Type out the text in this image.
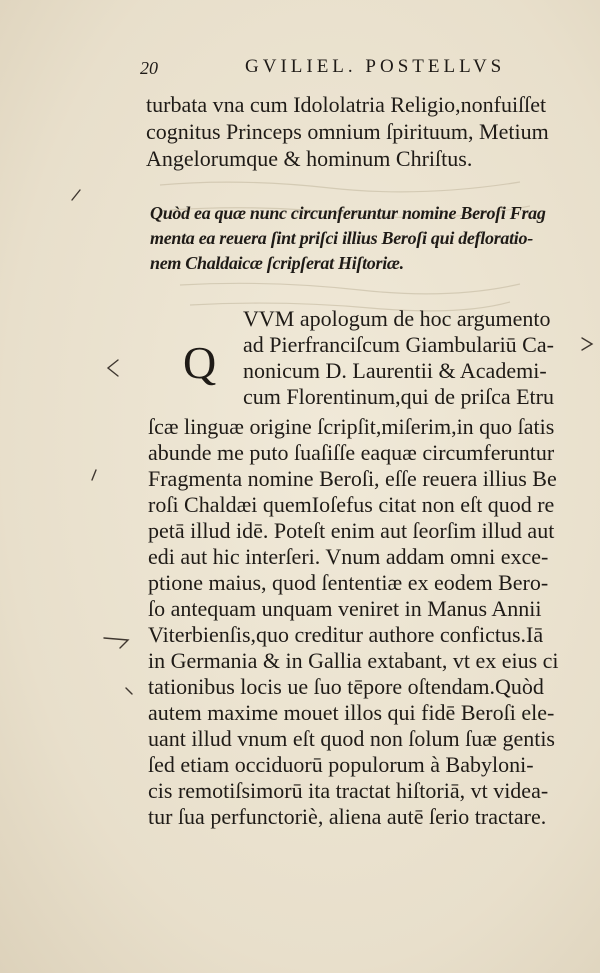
20	GVILIEL. POSTELLVS
turbata vna cum Idololatria Religio,nonfuiſſet
cognitus Princeps omnium ſpirituum, Metium
Angelorumque & hominum Chriſtus.
Quòd ea quæ nunc circunferuntur nomine Beroſi Frag
menta ea reuera ſint priſci illius Beroſi qui defloratio-
nem Chaldaicæ ſcripſerat Hiſtoriæ.
Q
VVM apologum de hoc argumento
ad Pierfranciſcum Giambulariū Ca-
nonicum D. Laurentii & Academi-
cum Florentinum,qui de priſca Etru
ſcæ linguæ origine ſcripſit,miſerim,in quo ſatis
abunde me puto ſuaſiſſe eaquæ circumferuntur
Fragmenta nomine Beroſi, eſſe reuera illius Be
roſi Chaldæi quemIoſefus citat non eſt quod re
petā illud idē. Poteſt enim aut ſeorſim illud aut
edi aut hic interſeri. Vnum addam omni exce-
ptione maius, quod ſententiæ ex eodem Bero-
ſo antequam unquam veniret in Manus Annii
Viterbienſis,quo creditur authore confictus.Iā
in Germania & in Gallia extabant, vt ex eius ci
tationibus locis ue ſuo tēpore oſtendam.Quòd
autem maxime mouet illos qui fidē Beroſi ele-
uant illud vnum eſt quod non ſolum ſuæ gentis
ſed etiam occiduorū populorum à Babyloni-
cis remotiſsimorū ita tractat hiſtoriā, vt videa-
tur ſua perfunctoriè, aliena autē ſerio tractare.
